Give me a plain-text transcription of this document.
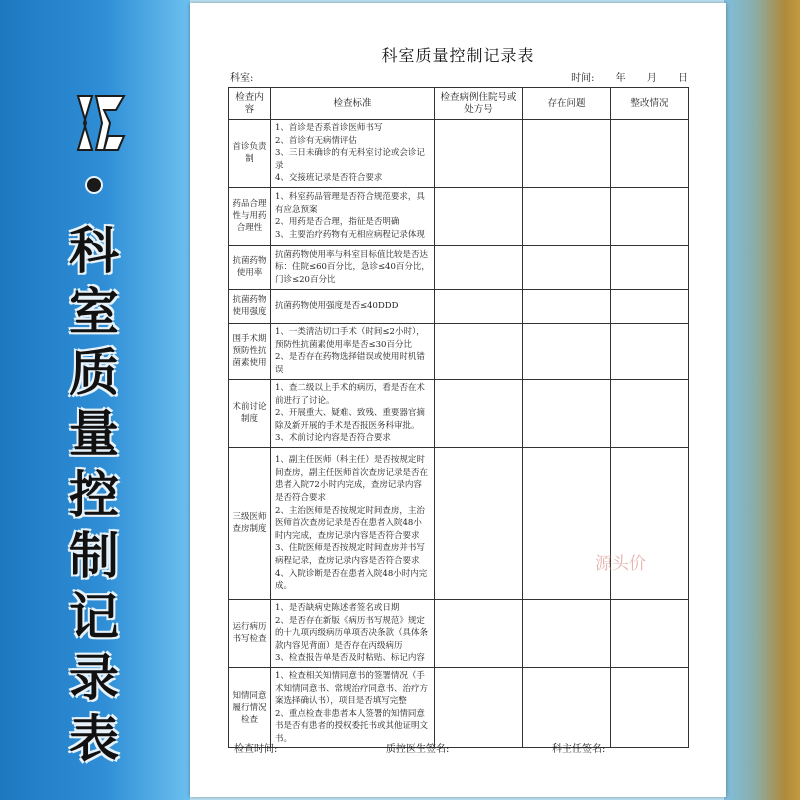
科
室
质
量
控
制
记
录
表
科室质量控制记录表
科室:	时间: 年 月 日
检查内容	检查标准	检查病例住院号或处方号	存在问题	整改情况
首诊负责制	1、首诊是否系首诊医师书写
2、首诊有无病情评估
3、三日未确诊的有无科室讨论或会诊记录
4、交接班记录是否符合要求			
药品合理性与用药合理性	1、科室药品管理是否符合规范要求，具有应急预案
2、用药是否合理，指征是否明确
3、主要治疗药物有无相应病程记录体现			
抗菌药物使用率	抗菌药物使用率与科室目标值比较是否达标：住院≤60百分比，急诊≤40百分比，门诊≤20百分比			
抗菌药物使用强度	抗菌药物使用强度是否≤40DDD			
围手术期预防性抗菌素使用	1、一类清洁切口手术（时间≤2小时），预防性抗菌素使用率是否≤30百分比
2、是否存在药物选择错误或使用时机错误			
术前讨论制度	1、查二级以上手术的病历，看是否在术前进行了讨论。
2、开展重大、疑难、致残、重要器官摘除及新开展的手术是否报医务科审批。
3、术前讨论内容是否符合要求			
三级医师查房制度	1、副主任医师（科主任）是否按规定时间查房，副主任医师首次查房记录是否在患者入院72小时内完成，查房记录内容是否符合要求
2、主治医师是否按规定时间查房，主治医师首次查房记录是否在患者入院48小时内完成，查房记录内容是否符合要求
3、住院医师是否按规定时间查房并书写病程记录，查房记录内容是否符合要求
4、入院诊断是否在患者入院48小时内完成。			
运行病历书写检查	1、是否缺病史陈述者签名或日期
2、是否存在新版《病历书写规范》规定的十九项丙级病历单项否决条款（具体条款内容见背面）是否存在丙级病历
3、检查报告单是否及时粘贴、标记内容			
知情同意履行情况检查	1、检查相关知情同意书的签署情况（手术知情同意书、常规治疗同意书、治疗方案选择确认书），项目是否填写完整
2、重点检查非患者本人签署的知情同意书是否有患者的授权委托书或其他证明文书。			
源头价
检查时间:	质控医生签名:	科主任签名:
